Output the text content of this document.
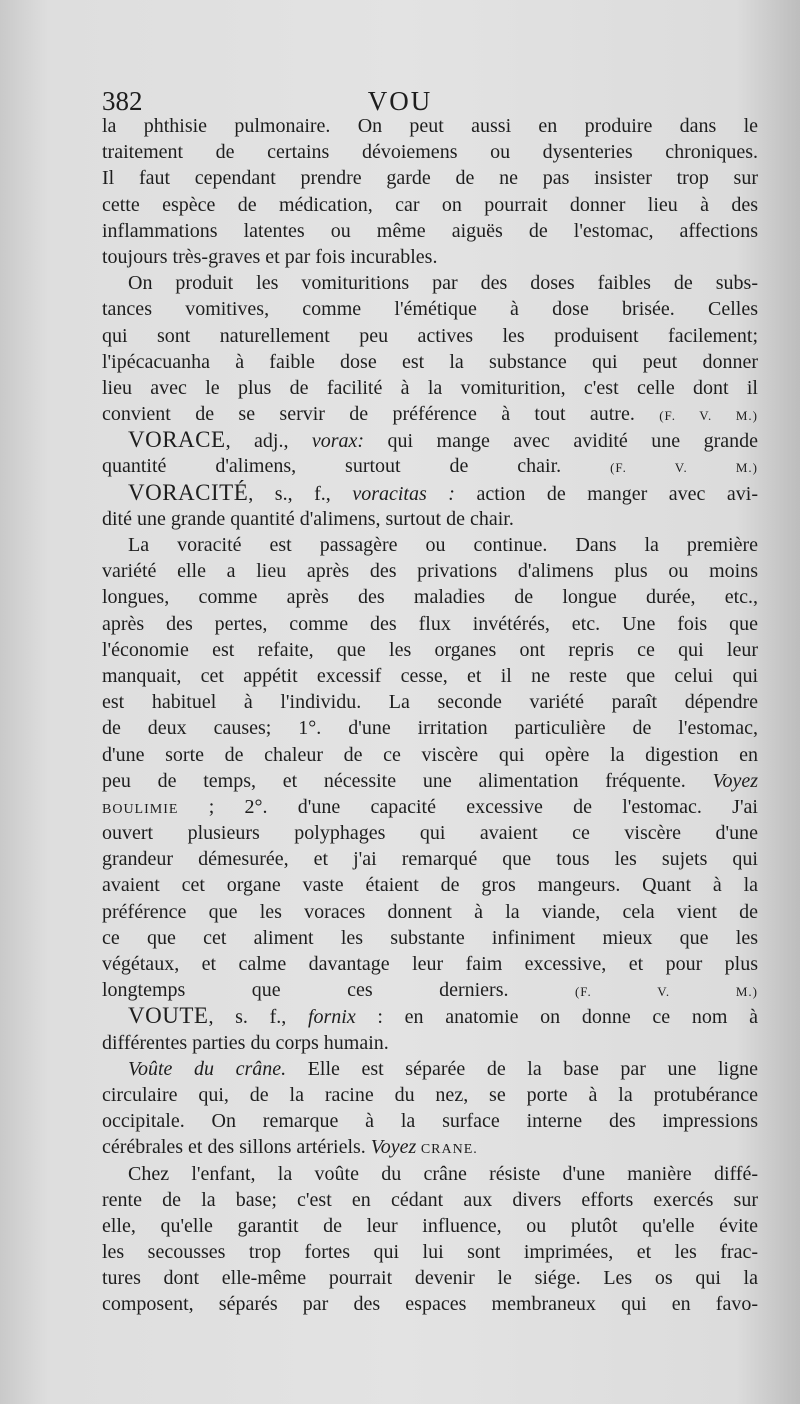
382	VOU
la phthisie pulmonaire. On peut aussi en produire dans le
traitement de certains dévoiemens ou dysenteries chroniques.
Il faut cependant prendre garde de ne pas insister trop sur
cette espèce de médication, car on pourrait donner lieu à des
inflammations latentes ou même aiguës de l'estomac, affections
toujours très-graves et par fois incurables.
On produit les vomituritions par des doses faibles de subs-
tances vomitives, comme l'émétique à dose brisée. Celles
qui sont naturellement peu actives les produisent facilement;
l'ipécacuanha à faible dose est la substance qui peut donner
lieu avec le plus de facilité à la vomiturition, c'est celle dont il
convient de se servir de préférence à tout autre. (F. V. M.)
VORACE, adj., vorax: qui mange avec avidité une grande
quantité d'alimens, surtout de chair.	(F. V. M.)
VORACITÉ, s., f., voracitas : action de manger avec avi-
dité une grande quantité d'alimens, surtout de chair.
La voracité est passagère ou continue. Dans la première
variété elle a lieu après des privations d'alimens plus ou moins
longues, comme après des maladies de longue durée, etc.,
après des pertes, comme des flux invétérés, etc. Une fois que
l'économie est refaite, que les organes ont repris ce qui leur
manquait, cet appétit excessif cesse, et il ne reste que celui qui
est habituel à l'individu. La seconde variété paraît dépendre
de deux causes; 1°. d'une irritation particulière de l'estomac,
d'une sorte de chaleur de ce viscère qui opère la digestion en
peu de temps, et nécessite une alimentation fréquente. Voyez
BOULIMIE ; 2°. d'une capacité excessive de l'estomac. J'ai
ouvert plusieurs polyphages qui avaient ce viscère d'une
grandeur démesurée, et j'ai remarqué que tous les sujets qui
avaient cet organe vaste étaient de gros mangeurs. Quant à la
préférence que les voraces donnent à la viande, cela vient de
ce que cet aliment les substante infiniment mieux que les
végétaux, et calme davantage leur faim excessive, et pour plus
longtemps que ces derniers.	(F. V. M.)
VOUTE, s. f., fornix : en anatomie on donne ce nom à
différentes parties du corps humain.
Voûte du crâne. Elle est séparée de la base par une ligne
circulaire qui, de la racine du nez, se porte à la protubérance
occipitale. On remarque à la surface interne des impressions
cérébrales et des sillons artériels. Voyez CRANE.
Chez l'enfant, la voûte du crâne résiste d'une manière diffé-
rente de la base; c'est en cédant aux divers efforts exercés sur
elle, qu'elle garantit de leur influence, ou plutôt qu'elle évite
les secousses trop fortes qui lui sont imprimées, et les frac-
tures dont elle-même pourrait devenir le siége. Les os qui la
composent, séparés par des espaces membraneux qui en favo-
